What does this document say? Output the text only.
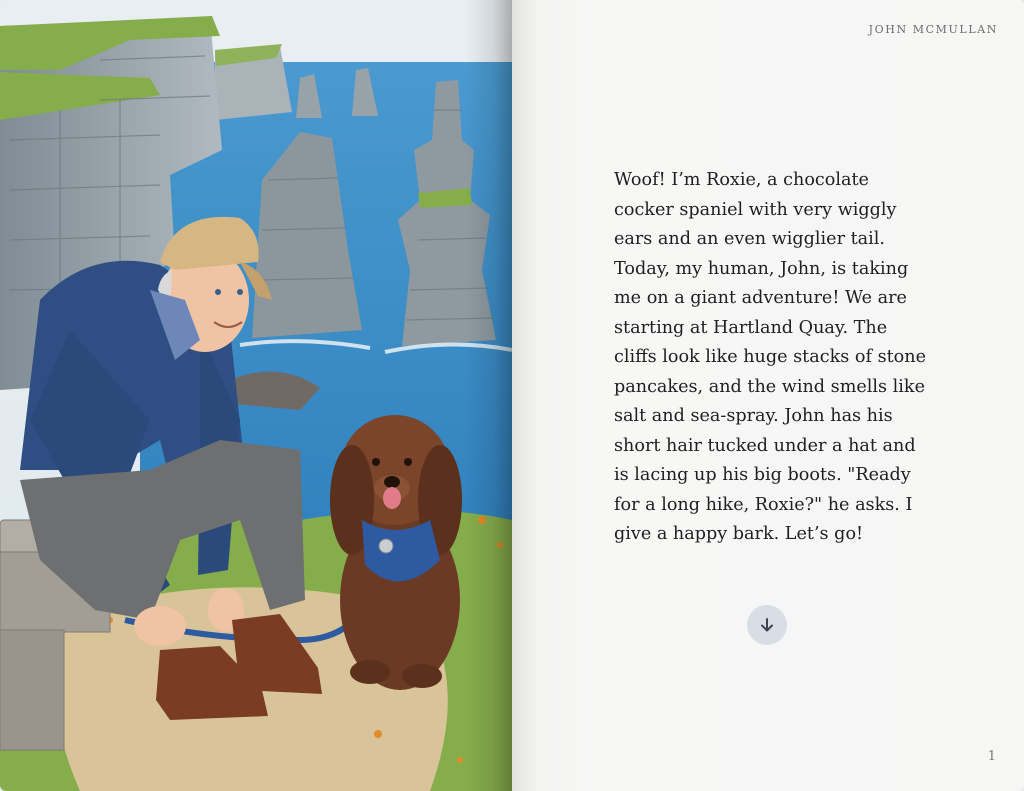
JOHN MCMULLAN

Woof! I’m Roxie, a chocolate cocker spaniel with very wiggly ears and an even wigglier tail. Today, my human, John, is taking me on a giant adventure! We are starting at Hartland Quay. The cliffs look like huge stacks of stone pancakes, and the wind smells like salt and sea-spray. John has his short hair tucked under a hat and is lacing up his big boots. "Ready for a long hike, Roxie?" he asks. I give a happy bark. Let’s go!

1
